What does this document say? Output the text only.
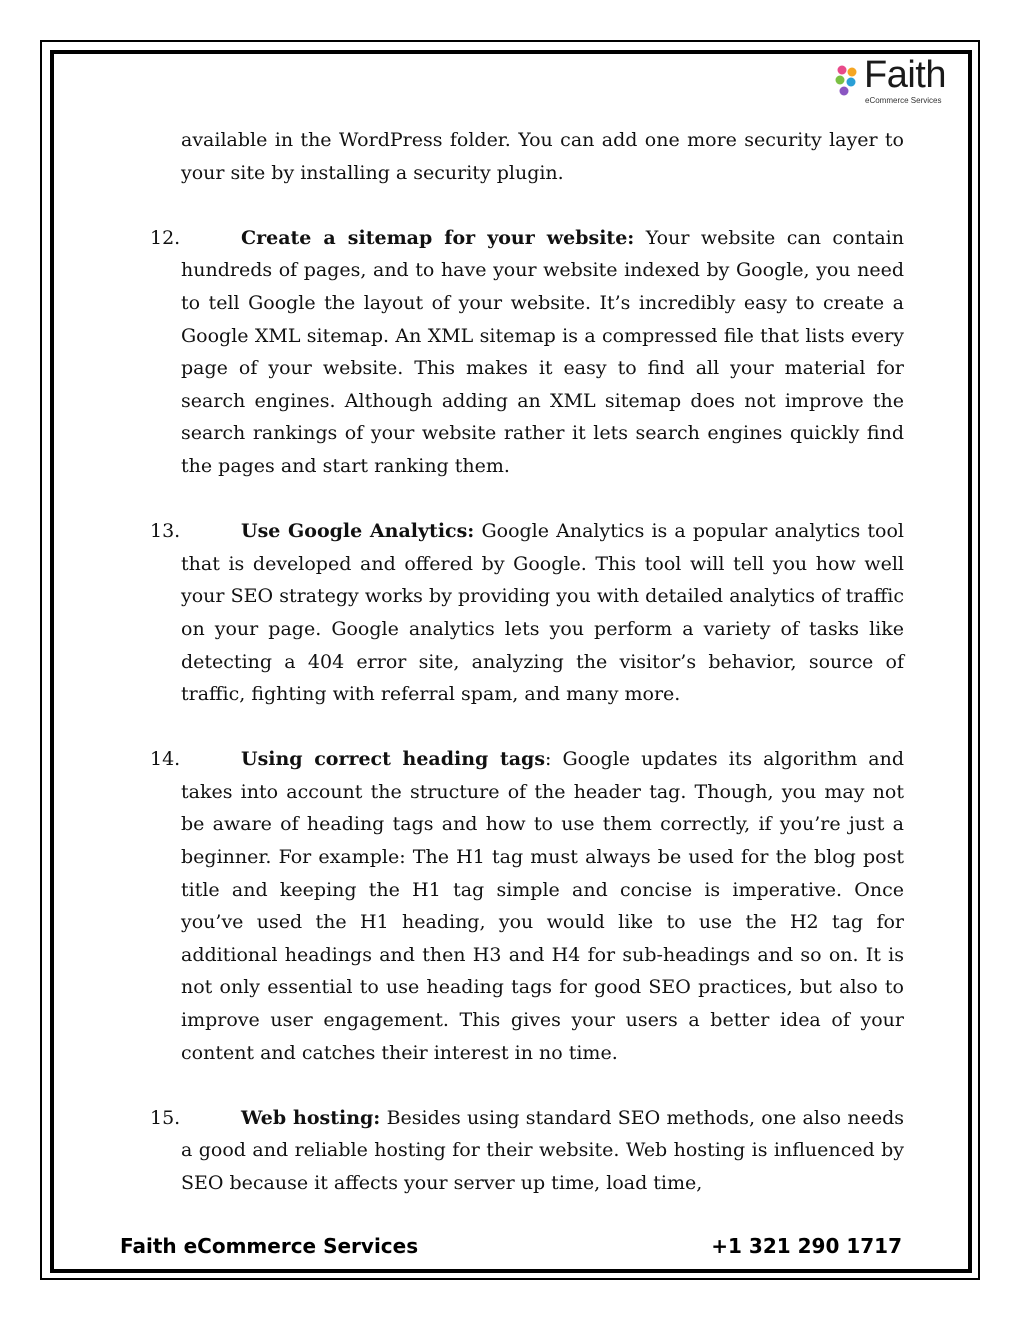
Faith
eCommerce Services

available in the WordPress folder. You can add one more security layer to your site by installing a security plugin.

12.	Create a sitemap for your website: Your website can contain hundreds of pages, and to have your website indexed by Google, you need to tell Google the layout of your website. It’s incredibly easy to create a Google XML sitemap. An XML sitemap is a compressed file that lists every page of your website. This makes it easy to find all your material for search engines. Although adding an XML sitemap does not improve the search rankings of your website rather it lets search engines quickly find the pages and start ranking them.

13.	Use Google Analytics: Google Analytics is a popular analytics tool that is developed and offered by Google. This tool will tell you how well your SEO strategy works by providing you with detailed analytics of traffic on your page. Google analytics lets you perform a variety of tasks like detecting a 404 error site, analyzing the visitor’s behavior, source of traffic, fighting with referral spam, and many more.

14.	Using correct heading tags: Google updates its algorithm and takes into account the structure of the header tag. Though, you may not be aware of heading tags and how to use them correctly, if you’re just a beginner. For example: The H1 tag must always be used for the blog post title and keeping the H1 tag simple and concise is imperative. Once you’ve used the H1 heading, you would like to use the H2 tag for additional headings and then H3 and H4 for sub-headings and so on. It is not only essential to use heading tags for good SEO practices, but also to improve user engagement. This gives your users a better idea of your content and catches their interest in no time.

15.	Web hosting: Besides using standard SEO methods, one also needs a good and reliable hosting for their website. Web hosting is influenced by SEO because it affects your server up time, load time,

Faith eCommerce Services	+1 321 290 1717
